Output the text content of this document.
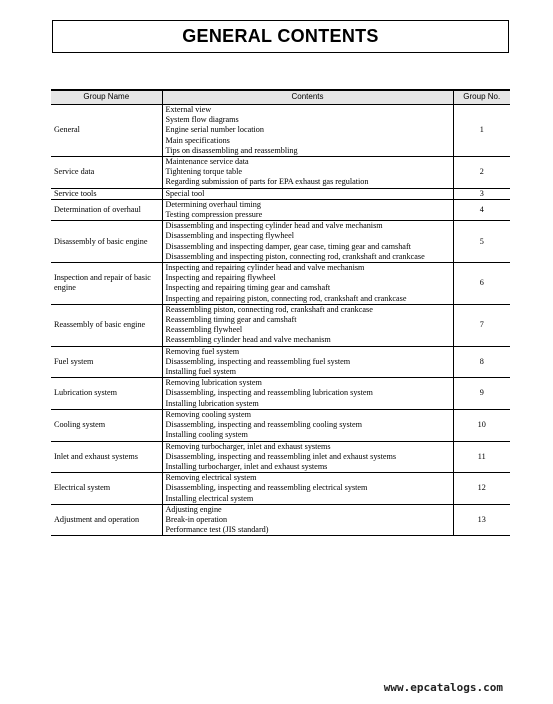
GENERAL CONTENTS
Group Name	Contents	Group No.
General	External view
System flow diagrams
Engine serial number location
Main specifications
Tips on disassembling and reassembling	1
Service data	Maintenance service data
Tightening torque table
Regarding submission of parts for EPA exhaust gas regulation	2
Service tools	Special tool	3
Determination of overhaul	Determining overhaul timing
Testing compression pressure	4
Disassembly of basic engine	Disassembling and inspecting cylinder head and valve mechanism
Disassembling and inspecting flywheel
Disassembling and inspecting damper, gear case, timing gear and camshaft
Disassembling and inspecting piston, connecting rod, crankshaft and crankcase	5
Inspection and repair of basic engine	Inspecting and repairing cylinder head and valve mechanism
Inspecting and repairing flywheel
Inspecting and repairing timing gear and camshaft
Inspecting and repairing piston, connecting rod, crankshaft and crankcase	6
Reassembly of basic engine	Reassembling piston, connecting rod, crankshaft and crankcase
Reassembling timing gear and camshaft
Reassembling flywheel
Reassembling cylinder head and valve mechanism	7
Fuel system	Removing fuel system
Disassembling, inspecting and reassembling fuel system
Installing fuel system	8
Lubrication system	Removing lubrication system
Disassembling, inspecting and reassembling lubrication system
Installing lubrication system	9
Cooling system	Removing cooling system
Disassembling, inspecting and reassembling cooling system
Installing cooling system	10
Inlet and exhaust systems	Removing turbocharger, inlet and exhaust systems
Disassembling, inspecting and reassembling inlet and exhaust systems
Installing turbocharger, inlet and exhaust systems	11
Electrical system	Removing electrical system
Disassembling, inspecting and reassembling electrical system
Installing electrical system	12
Adjustment and operation	Adjusting engine
Break-in operation
Performance test (JIS standard)	13
www.epcatalogs.com
